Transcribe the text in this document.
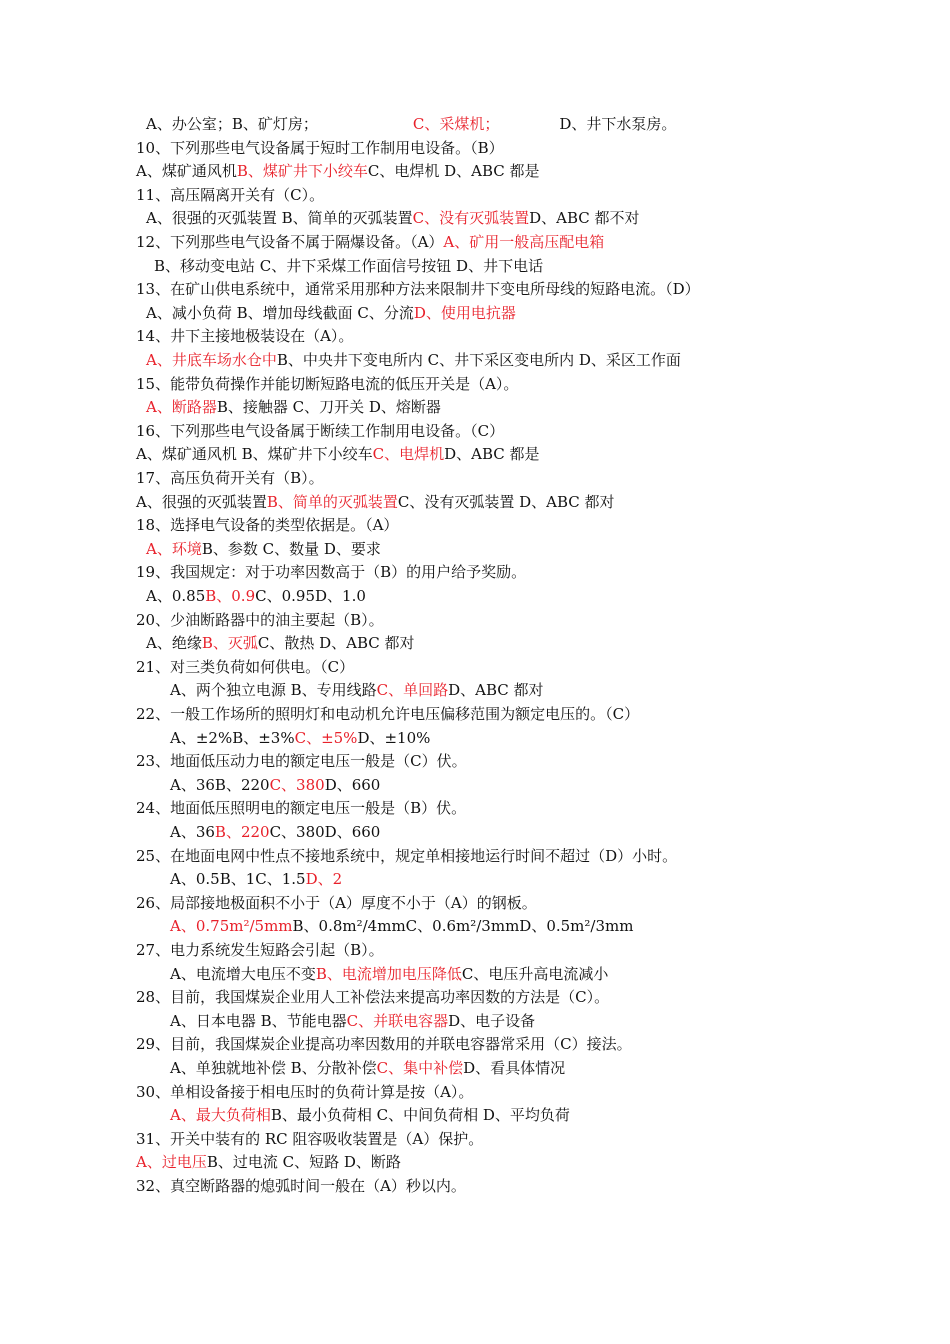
A、办公室；B、矿灯房；	C、采煤机；	D、井下水泵房。
10、下列那些电气设备属于短时工作制用电设备。（B）
A、煤矿通风机B、煤矿井下小绞车C、电焊机 D、ABC 都是
11、高压隔离开关有（C）。
A、很强的灭弧装置 B、简单的灭弧装置C、没有灭弧装置D、ABC 都不对
12、下列那些电气设备不属于隔爆设备。（A）A、矿用一般高压配电箱
B、移动变电站 C、井下采煤工作面信号按钮 D、井下电话
13、在矿山供电系统中，通常采用那种方法来限制井下变电所母线的短路电流。（D）
A、减小负荷 B、增加母线截面 C、分流D、使用电抗器
14、井下主接地极装设在（A）。
A、井底车场水仓中B、中央井下变电所内 C、井下采区变电所内 D、采区工作面
15、能带负荷操作并能切断短路电流的低压开关是（A）。
A、断路器B、接触器 C、刀开关 D、熔断器
16、下列那些电气设备属于断续工作制用电设备。（C）
A、煤矿通风机 B、煤矿井下小绞车C、电焊机D、ABC 都是
17、高压负荷开关有（B）。
A、很强的灭弧装置B、简单的灭弧装置C、没有灭弧装置 D、ABC 都对
18、选择电气设备的类型依据是。（A）
A、环境B、参数 C、数量 D、要求
19、我国规定：对于功率因数高于（B）的用户给予奖励。
A、0.85B、0.9C、0.95D、1.0
20、少油断路器中的油主要起（B）。
A、绝缘B、灭弧C、散热 D、ABC 都对
21、对三类负荷如何供电。（C）
A、两个独立电源 B、专用线路C、单回路D、ABC 都对
22、一般工作场所的照明灯和电动机允许电压偏移范围为额定电压的。（C）
A、±2%B、±3%C、±5%D、±10%
23、地面低压动力电的额定电压一般是（C）伏。
A、36B、220C、380D、660
24、地面低压照明电的额定电压一般是（B）伏。
A、36B、220C、380D、660
25、在地面电网中性点不接地系统中，规定单相接地运行时间不超过（D）小时。
A、0.5B、1C、1.5D、2
26、局部接地极面积不小于（A）厚度不小于（A）的钢板。
A、0.75m²/5mmB、0.8m²/4mmC、0.6m²/3mmD、0.5m²/3mm
27、电力系统发生短路会引起（B）。
A、电流增大电压不变B、电流增加电压降低C、电压升高电流减小
28、目前，我国煤炭企业用人工补偿法来提高功率因数的方法是（C）。
A、日本电器 B、节能电器C、并联电容器D、电子设备
29、目前，我国煤炭企业提高功率因数用的并联电容器常采用（C）接法。
A、单独就地补偿 B、分散补偿C、集中补偿D、看具体情况
30、单相设备接于相电压时的负荷计算是按（A）。
A、最大负荷相B、最小负荷相 C、中间负荷相 D、平均负荷
31、开关中装有的 RC 阻容吸收装置是（A）保护。
A、过电压B、过电流 C、短路 D、断路
32、真空断路器的熄弧时间一般在（A）秒以内。
